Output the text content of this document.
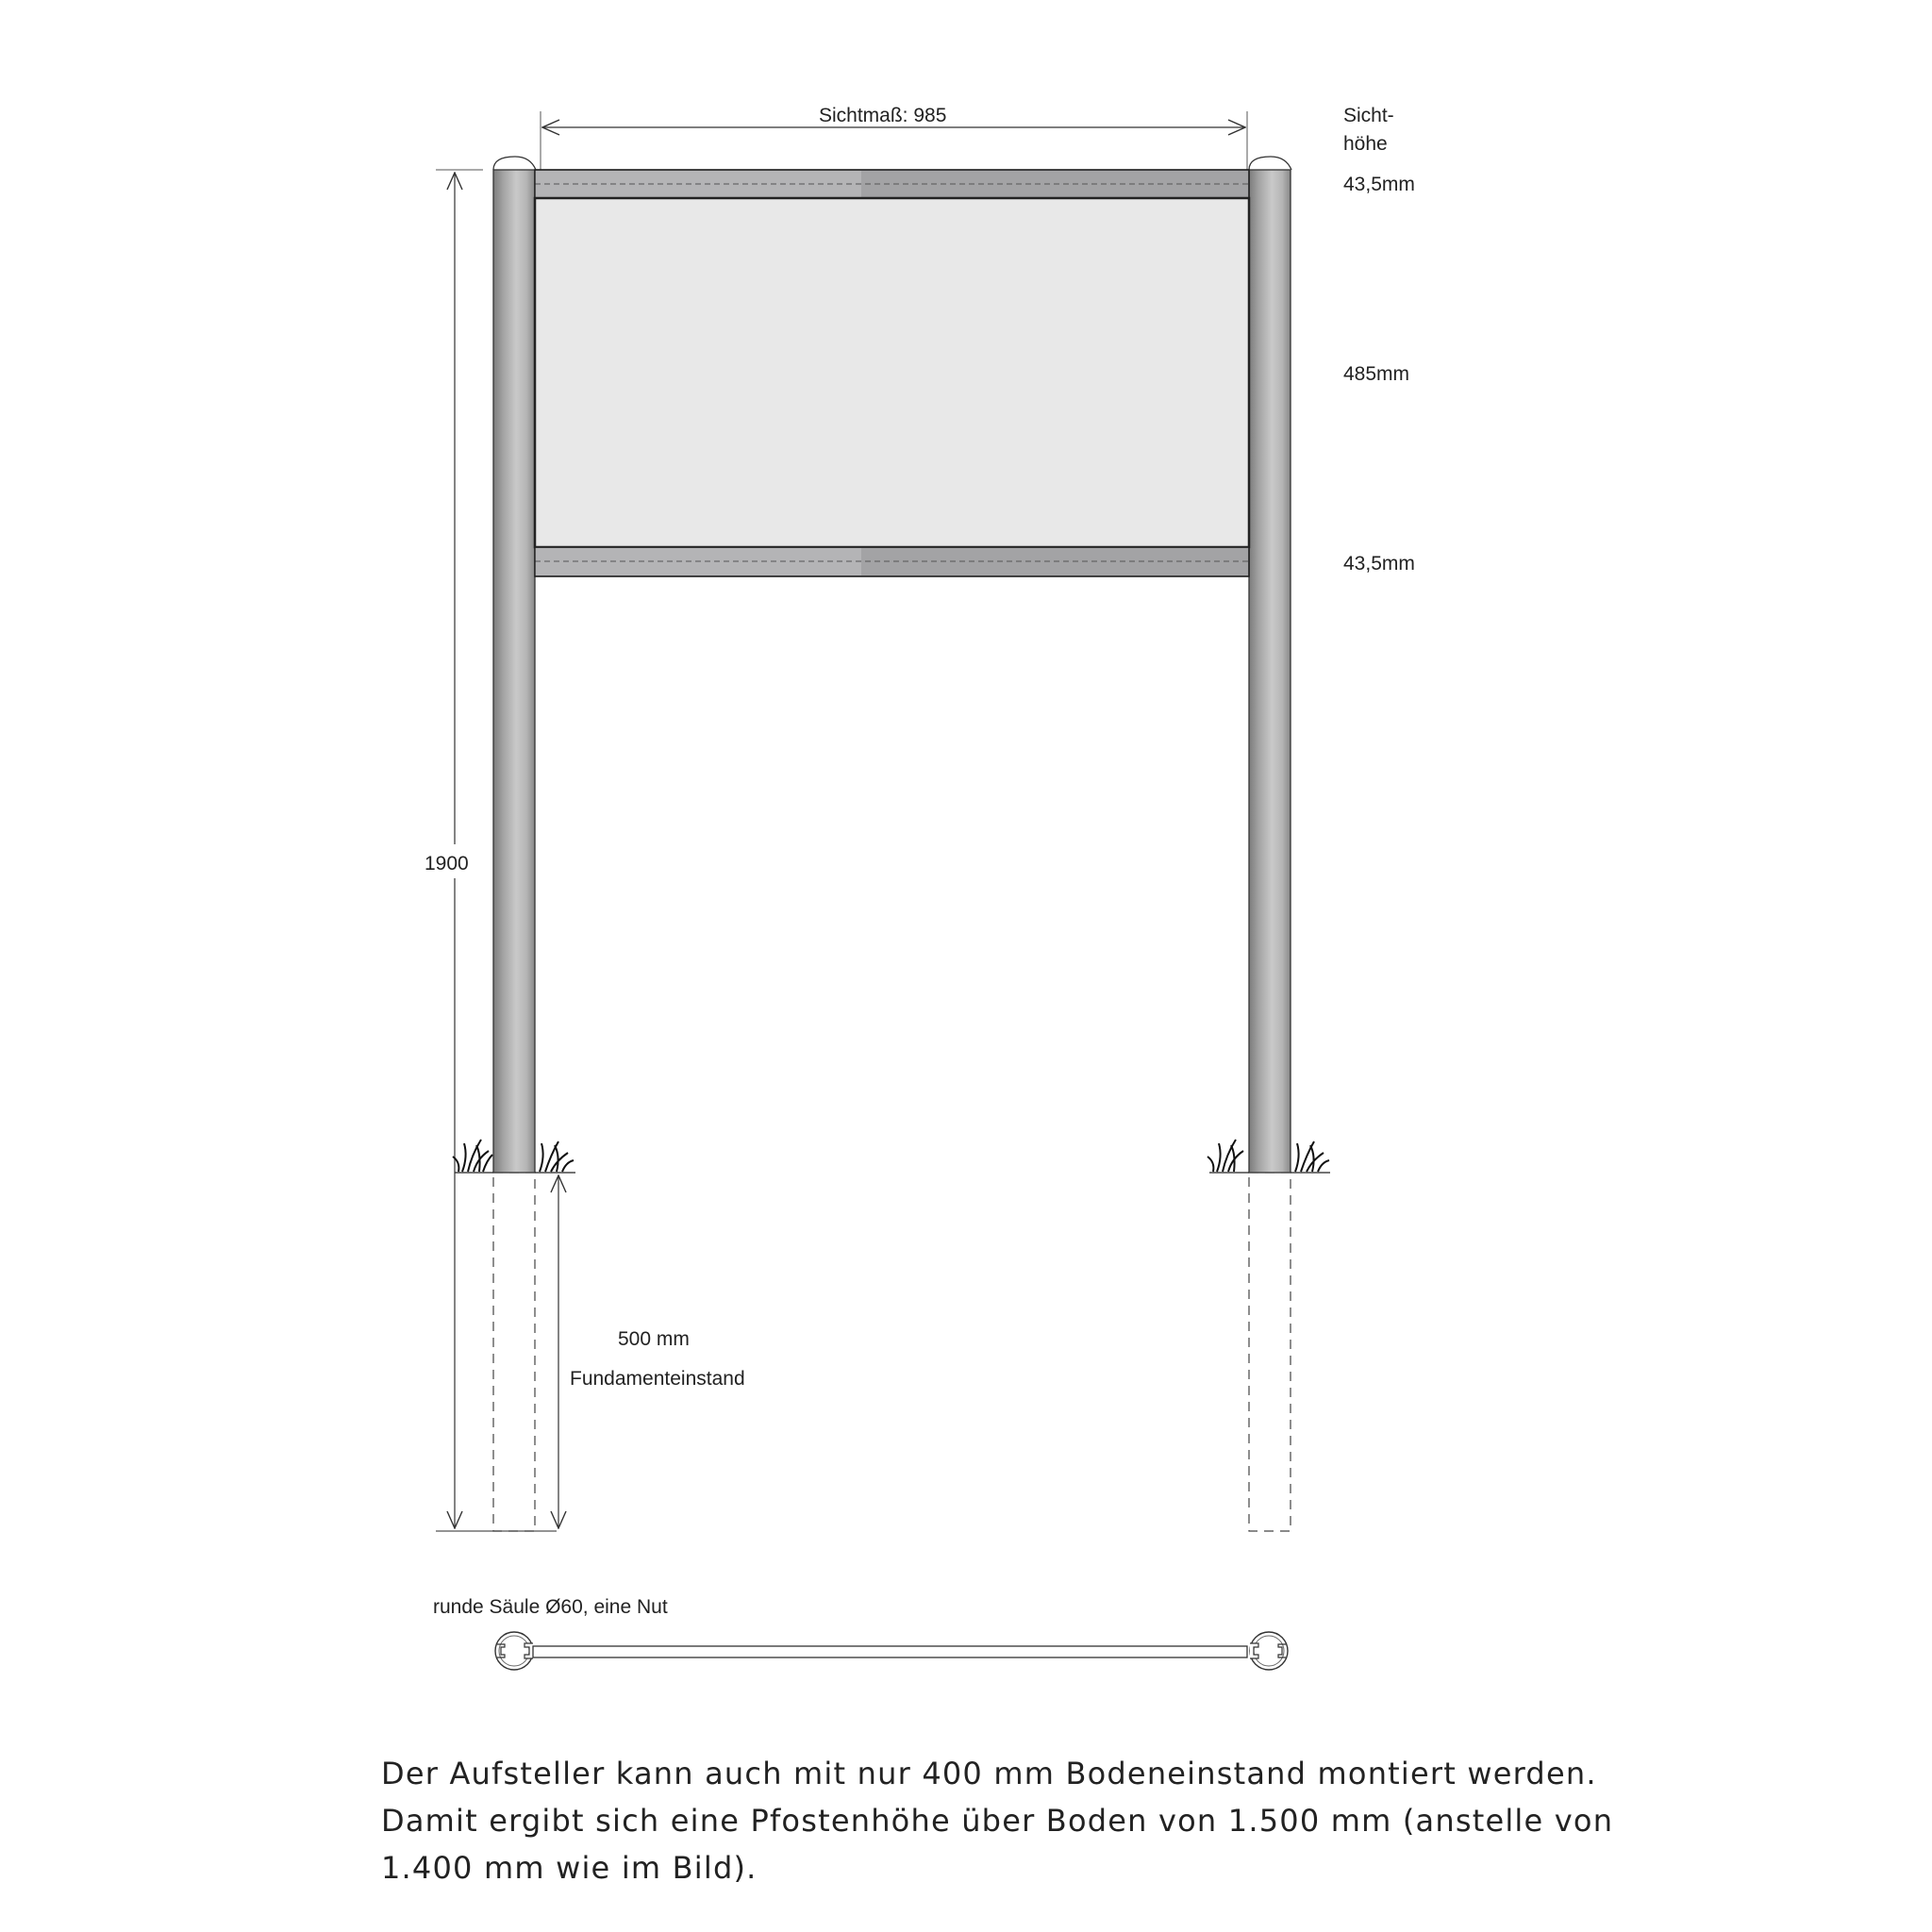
Sichtmaß: 985
1900
500 mm
Fundamenteinstand
Sicht-
höhe
43,5mm
485mm
43,5mm
runde Säule Ø60, eine Nut
Der Aufsteller kann auch mit nur 400 mm Bodeneinstand montiert werden.
Damit ergibt sich eine Pfostenhöhe über Boden von 1.500 mm (anstelle von
1.400 mm wie im Bild).
